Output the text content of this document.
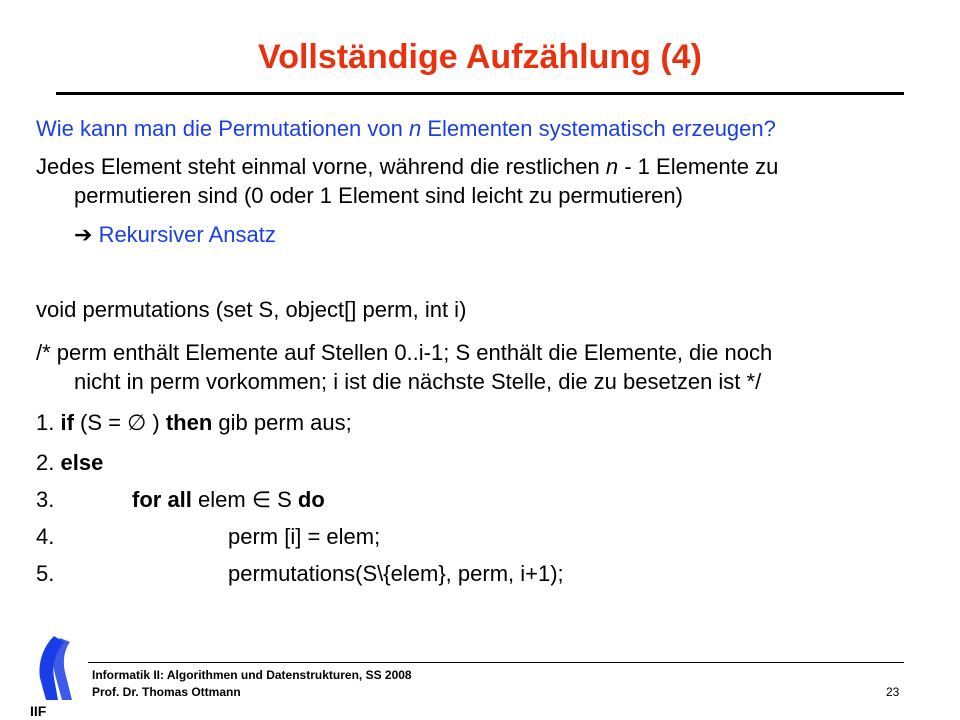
Vollständige Aufzählung (4)
Wie kann man die Permutationen von n Elementen systematisch erzeugen?
Jedes Element steht einmal vorne, während die restlichen n - 1 Elemente zu
permutieren sind (0 oder 1 Element sind leicht zu permutieren)
➔ Rekursiver Ansatz
void permutations (set S, object[] perm, int i)
/* perm enthält Elemente auf Stellen 0..i-1; S enthält die Elemente, die noch
nicht in perm vorkommen; i ist die nächste Stelle, die zu besetzen ist */
1. if (S = ∅ ) then gib perm aus;
2. else
3.	for all elem ∈ S do
4.	perm [i] = elem;
5.	permutations(S\{elem}, perm, i+1);
IIF
Informatik II: Algorithmen und Datenstrukturen, SS 2008
Prof. Dr. Thomas Ottmann	23
